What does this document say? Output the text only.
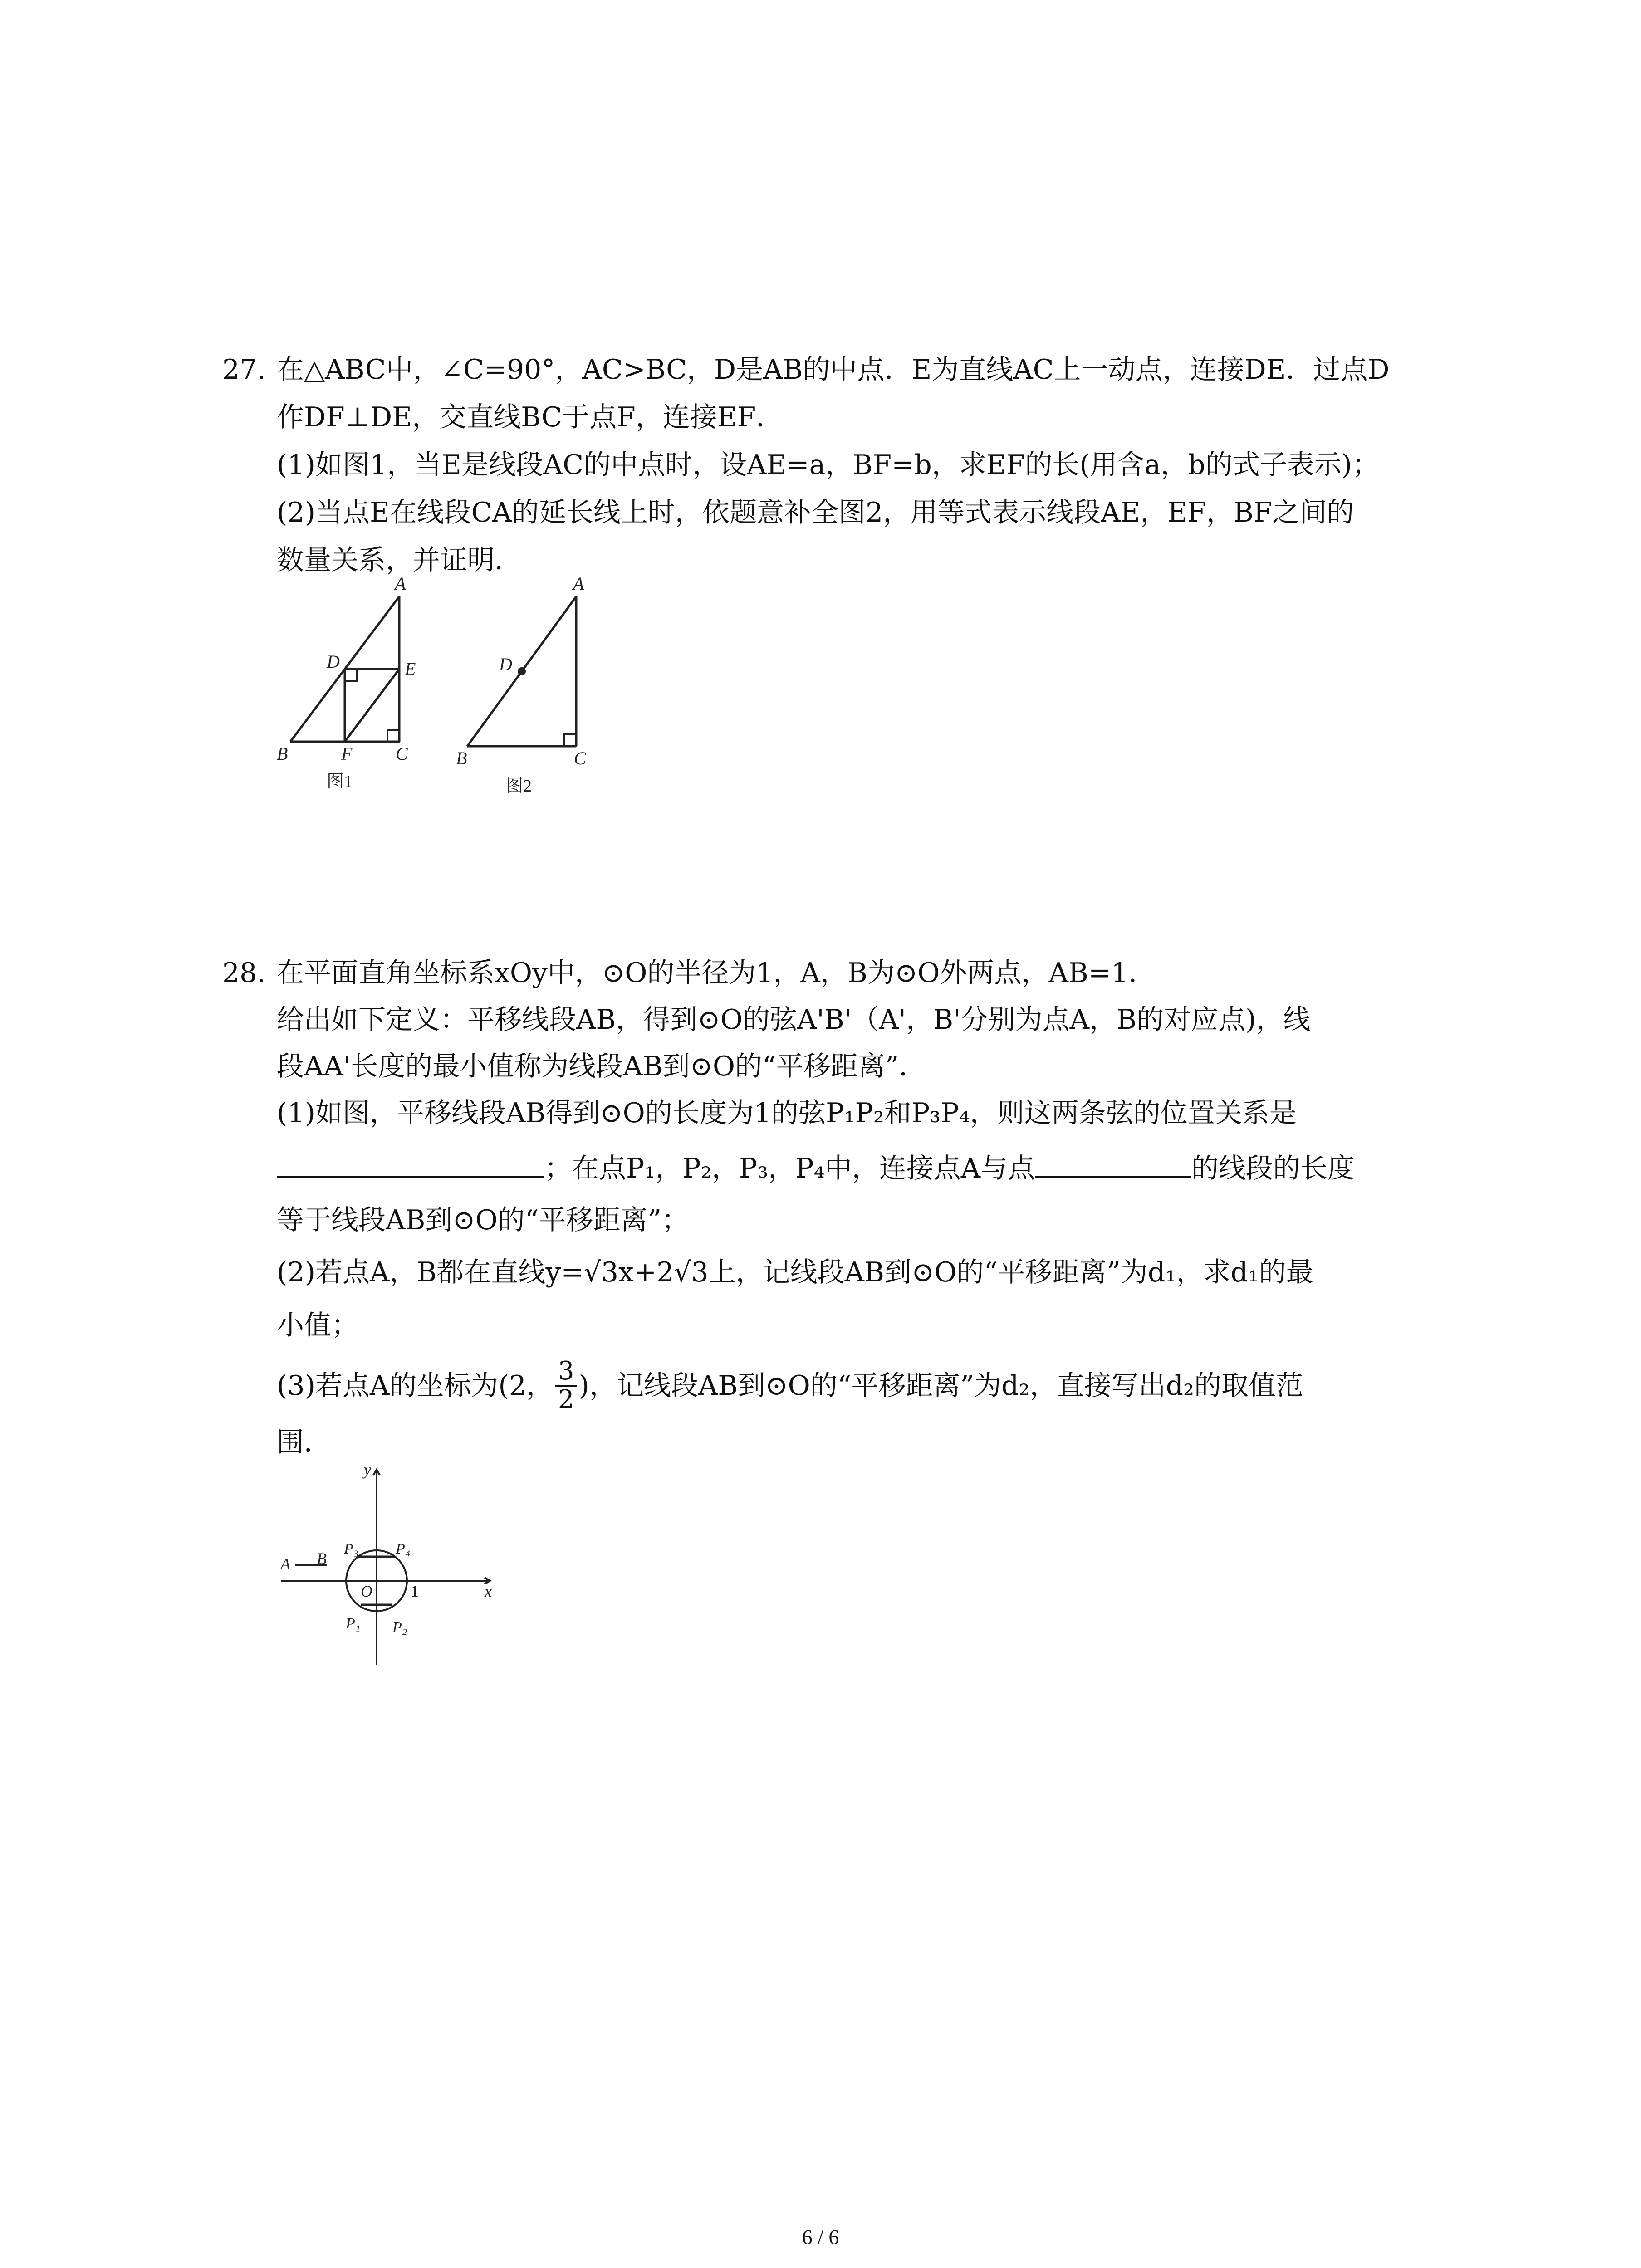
27. 在△ABC中，∠C=90°，AC>BC，D是AB的中点．E为直线AC上一动点，连接DE．过点D
作DF⊥DE，交直线BC于点F，连接EF．
(1)如图1，当E是线段AC的中点时，设AE=a，BF=b，求EF的长(用含a，b的式子表示)；
(2)当点E在线段CA的延长线上时，依题意补全图2，用等式表示线段AE，EF，BF之间的
数量关系，并证明．
A
D	E
B	F C
图1
A
D
B	C
图2
28. 在平面直角坐标系xOy中，⊙O的半径为1，A，B为⊙O外两点，AB=1．
给出如下定义：平移线段AB，得到⊙O的弦A'B'（A'，B'分别为点A，B的对应点)，线
段AA'长度的最小值称为线段AB到⊙O的“平移距离”．
(1)如图，平移线段AB得到⊙O的长度为1的弦P₁P₂和P₃P₄，则这两条弦的位置关系是
；在点P₁，P₂，P₃，P₄中，连接点A与点	的线段的长度
等于线段AB到⊙O的“平移距离”；
(2)若点A，B都在直线y=√3x+2√3上，记线段AB到⊙O的“平移距离”为d₁，求d₁的最
小值；
(3)若点A的坐标为(2， $\frac{3}{2}$ )，记线段AB到⊙O的“平移距离”为d₂，直接写出d₂的取值范
围．
y
x
A B
P₃ P₄
O 1
P₁ P₂
6 / 6
